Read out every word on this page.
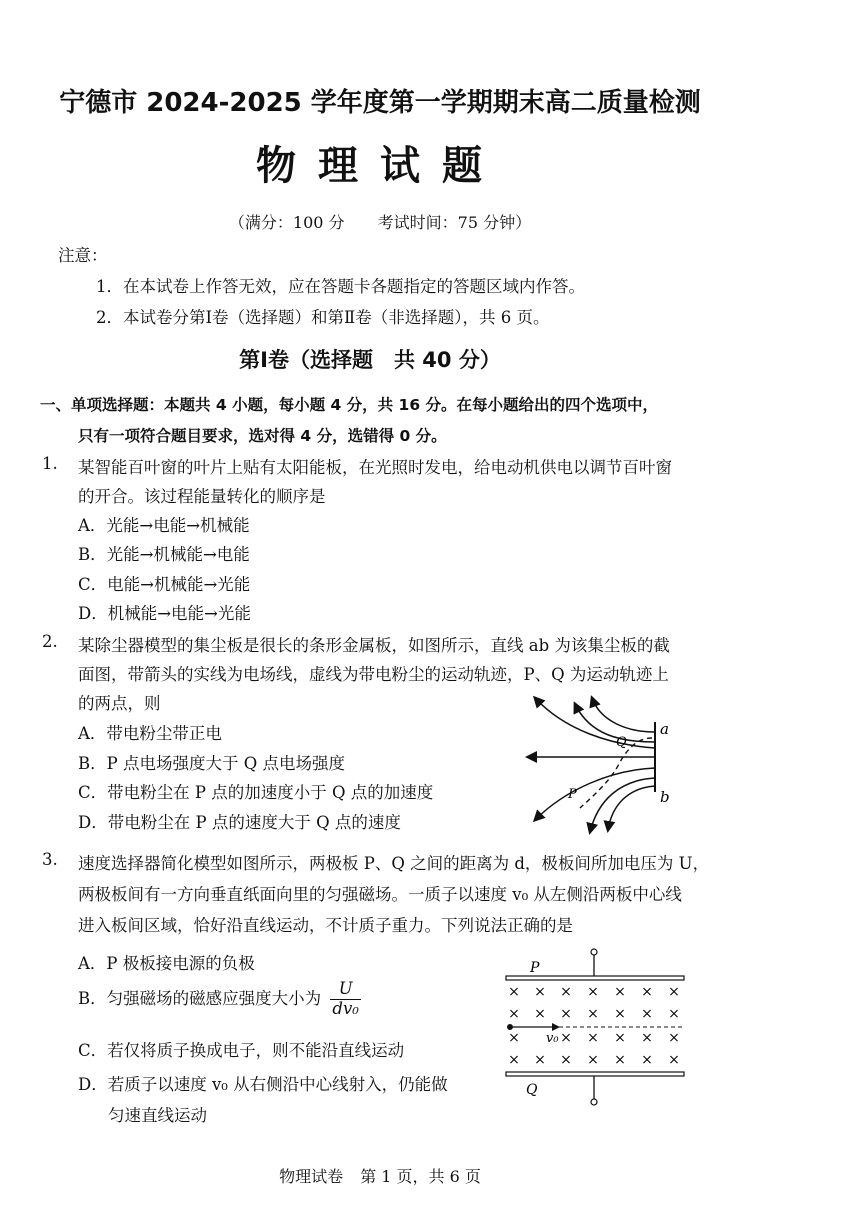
宁德市 2024-2025 学年度第一学期期末高二质量检测
物理试题
（满分：100 分 考试时间：75 分钟）
注意：
1．在本试卷上作答无效，应在答题卡各题指定的答题区域内作答。
2．本试卷分第Ⅰ卷（选择题）和第Ⅱ卷（非选择题），共 6 页。
第Ⅰ卷（选择题　共 40 分）
一、单项选择题：本题共 4 小题，每小题 4 分，共 16 分。在每小题给出的四个选项中，
只有一项符合题目要求，选对得 4 分，选错得 0 分。
1. 某智能百叶窗的叶片上贴有太阳能板，在光照时发电，给电动机供电以调节百叶窗
的开合。该过程能量转化的顺序是
A．光能→电能→机械能
B．光能→机械能→电能
C．电能→机械能→光能
D．机械能→电能→光能
2. 某除尘器模型的集尘板是很长的条形金属板，如图所示，直线 ab 为该集尘板的截
面图，带箭头的实线为电场线，虚线为带电粉尘的运动轨迹，P、Q 为运动轨迹上
的两点，则
A．带电粉尘带正电
B．P 点电场强度大于 Q 点电场强度
C．带电粉尘在 P 点的加速度小于 Q 点的加速度
D．带电粉尘在 P 点的速度大于 Q 点的速度
a
b
Q
P
3. 速度选择器简化模型如图所示，两极板 P、Q 之间的距离为 d，极板间所加电压为 U，
两极板间有一方向垂直纸面向里的匀强磁场。一质子以速度 v₀ 从左侧沿两板中心线
进入板间区域，恰好沿直线运动，不计质子重力。下列说法正确的是
A．P 极板接电源的负极
B．匀强磁场的磁感应强度大小为 $\frac{U}{\text{dv₀}}$
C．若仅将质子换成电子，则不能沿直线运动
D．若质子以速度 v₀ 从右侧沿中心线射入，仍能做
匀速直线运动
P
Q
v₀
× × × × × × ×
× × × × × × ×
×	× × × × ×
× × × × × × ×
物理试卷 第 1 页，共 6 页
